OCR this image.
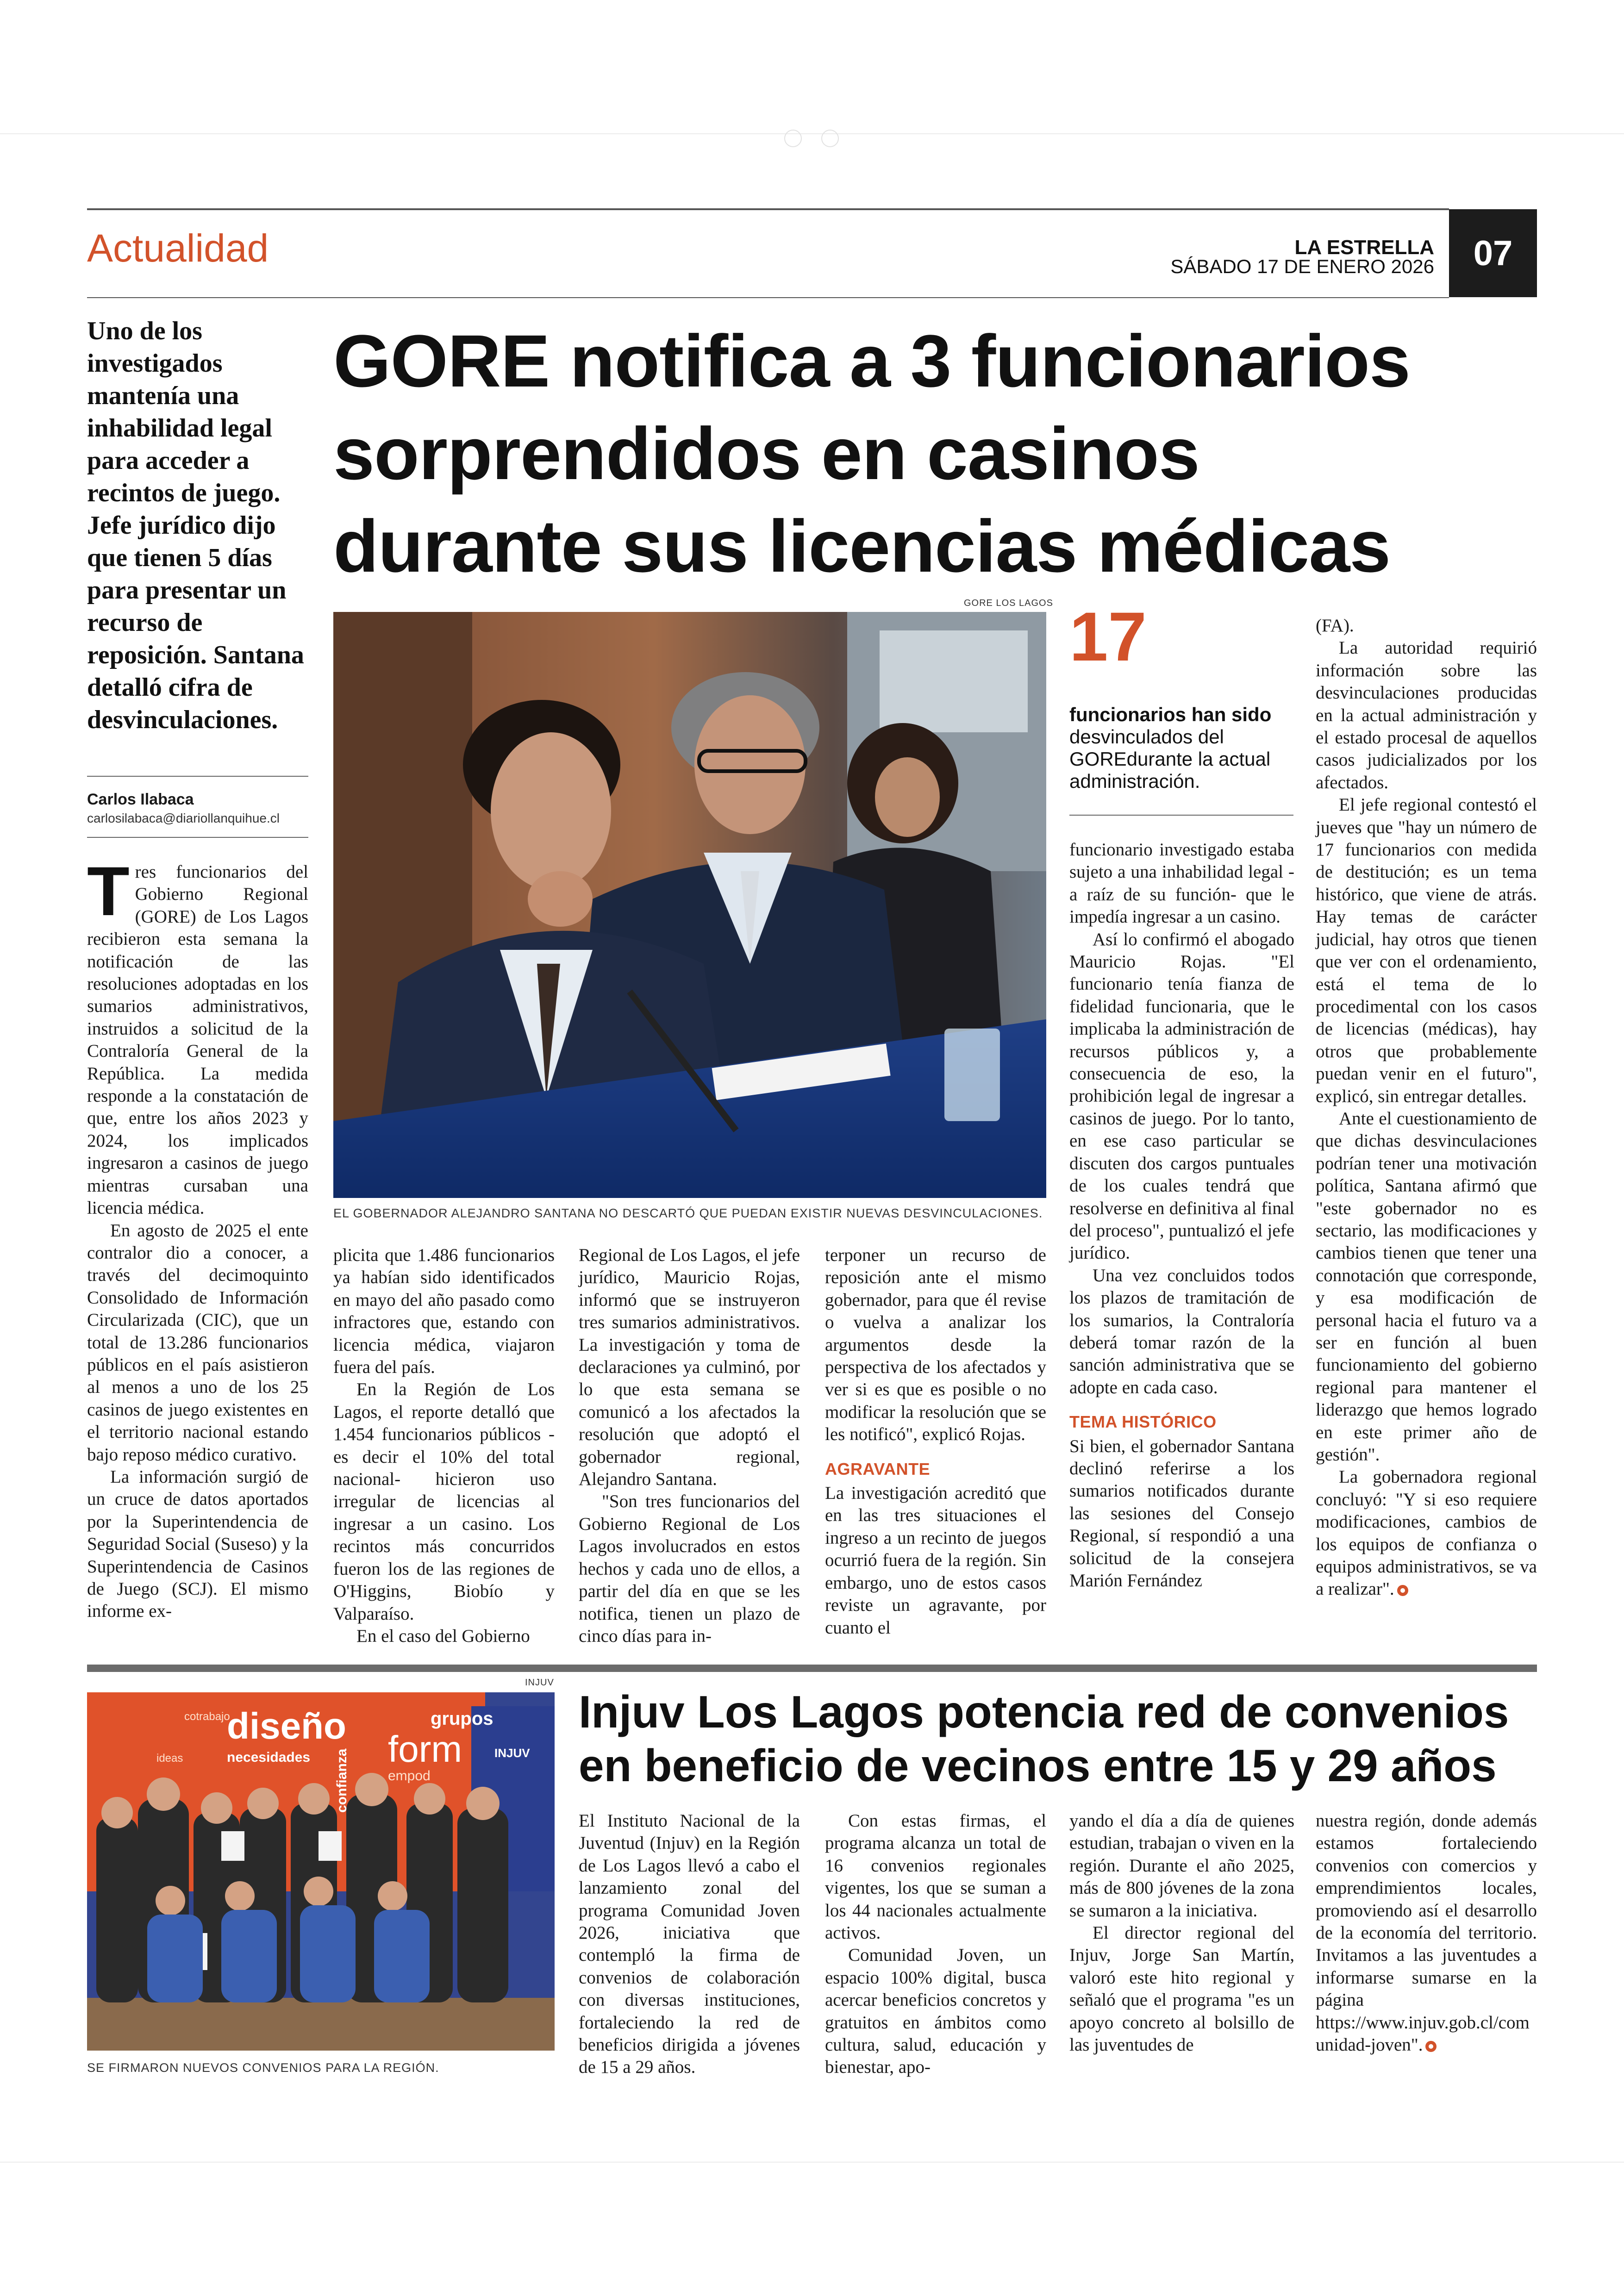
Actualidad	LA ESTRELLA
SÁBADO 17 DE ENERO 2026 07
Uno de los investigados mantenía una inhabilidad legal para acceder a recintos de juego. Jefe jurídico dijo que tienen 5 días para presentar un recurso de reposición. Santana detalló cifra de desvinculaciones.
Carlos Ilabaca
carlosilabaca@diariollanquihue.cl
GORE notifica a 3 funcionarios
sorprendidos en casinos
durante sus licencias médicas
GORE LOS LAGOS
EL GOBERNADOR ALEJANDRO SANTANA NO DESCARTÓ QUE PUEDAN EXISTIR NUEVAS DESVINCULACIONES.
17
funcionarios han sido
desvinculados del GOREdurante la actual administración.
T res funcionarios del Gobierno Regional (GORE) de Los Lagos recibieron esta semana la notificación de las resoluciones adoptadas en los sumarios administrativos, instruidos a solicitud de la Contraloría General de la República. La medida responde a la constatación de que, entre los años 2023 y 2024, los implicados ingresaron a casinos de juego mientras cursaban una licencia médica.

En agosto de 2025 el ente contralor dio a conocer, a través del decimoquinto Consolidado de Información Circularizada (CIC), que un total de 13.286 funcionarios públicos en el país asistieron al menos a uno de los 25 casinos de juego existentes en el territorio nacional estando bajo reposo médico curativo.

La información surgió de un cruce de datos aportados por la Superintendencia de Seguridad Social (Suseso) y la Superintendencia de Casinos de Juego (SCJ). El mismo informe ex-

plicita que 1.486 funcionarios ya habían sido identificados en mayo del año pasado como infractores que, estando con licencia médica, viajaron fuera del país.

En la Región de Los Lagos, el reporte detalló que 1.454 funcionarios públicos -es decir el 10% del total nacional- hicieron uso irregular de licencias al ingresar a un casino. Los recintos más concurridos fueron los de las regiones de O'Higgins, Biobío y Valparaíso.

En el caso del Gobierno

Regional de Los Lagos, el jefe jurídico, Mauricio Rojas, informó que se instruyeron tres sumarios administrativos. La investigación y toma de declaraciones ya culminó, por lo que esta semana se comunicó a los afectados la resolución que adoptó el gobernador regional, Alejandro Santana.

"Son tres funcionarios del Gobierno Regional de Los Lagos involucrados en estos hechos y cada uno de ellos, a partir del día en que se les notifica, tienen un plazo de cinco días para in-

terponer un recurso de reposición ante el mismo gobernador, para que él revise o vuelva a analizar los argumentos desde la perspectiva de los afectados y ver si es que es posible o no modificar la resolución que se les notificó", explicó Rojas.

AGRAVANTE

La investigación acreditó que en las tres situaciones el ingreso a un recinto de juegos ocurrió fuera de la región. Sin embargo, uno de estos casos reviste un agravante, por cuanto el

funcionario investigado estaba sujeto a una inhabilidad legal -a raíz de su función- que le impedía ingresar a un casino.

Así lo confirmó el abogado Mauricio Rojas. "El funcionario tenía fianza de fidelidad funcionaria, que le implicaba la administración de recursos públicos y, a consecuencia de eso, la prohibición legal de ingresar a casinos de juego. Por lo tanto, en ese caso particular se discuten dos cargos puntuales de los cuales tendrá que resolverse en definitiva al final del proceso", puntualizó el jefe jurídico.

Una vez concluidos todos los plazos de tramitación de los sumarios, la Contraloría deberá tomar razón de la sanción administrativa que se adopte en cada caso.

TEMA HISTÓRICO

Si bien, el gobernador Santana declinó referirse a los sumarios notificados durante las sesiones del Consejo Regional, sí respondió a una solicitud de la consejera Marión Fernández

(FA).

La autoridad requirió información sobre las desvinculaciones producidas en la actual administración y el estado procesal de aquellos casos judicializados por los afectados.

El jefe regional contestó el jueves que "hay un número de 17 funcionarios con medida de destitución; es un tema histórico, que viene de atrás. Hay temas de carácter judicial, hay otros que tienen que ver con el ordenamiento, está el tema de lo procedimental con los casos de licencias (médicas), hay otros que probablemente puedan venir en el futuro", explicó, sin entregar detalles.

Ante el cuestionamiento de que dichas desvinculaciones podrían tener una motivación política, Santana afirmó que "este gobernador no es sectario, las modificaciones y cambios tienen que tener una connotación que corresponde, y esa modificación de personal hacia el futuro va a ser en función al buen funcionamiento del gobierno regional para mantener el liderazgo que hemos logrado en este primer año de gestión".

La gobernadora regional concluyó: "Y si eso requiere modificaciones, cambios de los equipos de confianza o equipos administrativos, se va a realizar".

INJUV
diseño	grupos
necesidades form
cotrabajo
ideas
empod
confianza	INJUV
SE FIRMARON NUEVOS CONVENIOS PARA LA REGIÓN.
Injuv Los Lagos potencia red de convenios
en beneficio de vecinos entre 15 y 29 años

El Instituto Nacional de la Juventud (Injuv) en la Región de Los Lagos llevó a cabo el lanzamiento zonal del programa Comunidad Joven 2026, iniciativa que contempló la firma de convenios de colaboración con diversas instituciones, fortaleciendo la red de beneficios dirigida a jóvenes de 15 a 29 años.

Con estas firmas, el programa alcanza un total de 16 convenios regionales vigentes, los que se suman a los 44 nacionales actualmente activos.

Comunidad Joven, un espacio 100% digital, busca acercar beneficios concretos y gratuitos en ámbitos como cultura, salud, educación y bienestar, apo-

yando el día a día de quienes estudian, trabajan o viven en la región. Durante el año 2025, más de 800 jóvenes de la zona se sumaron a la iniciativa.

El director regional del Injuv, Jorge San Martín, valoró este hito regional y señaló que el programa "es un apoyo concreto al bolsillo de las juventudes de

nuestra región, donde además estamos fortaleciendo convenios con comercios y emprendimientos locales, promoviendo así el desarrollo de la economía del territorio. Invitamos a las juventudes a informarse sumarse en la página https://www.injuv.gob.cl/comunidad-joven".
